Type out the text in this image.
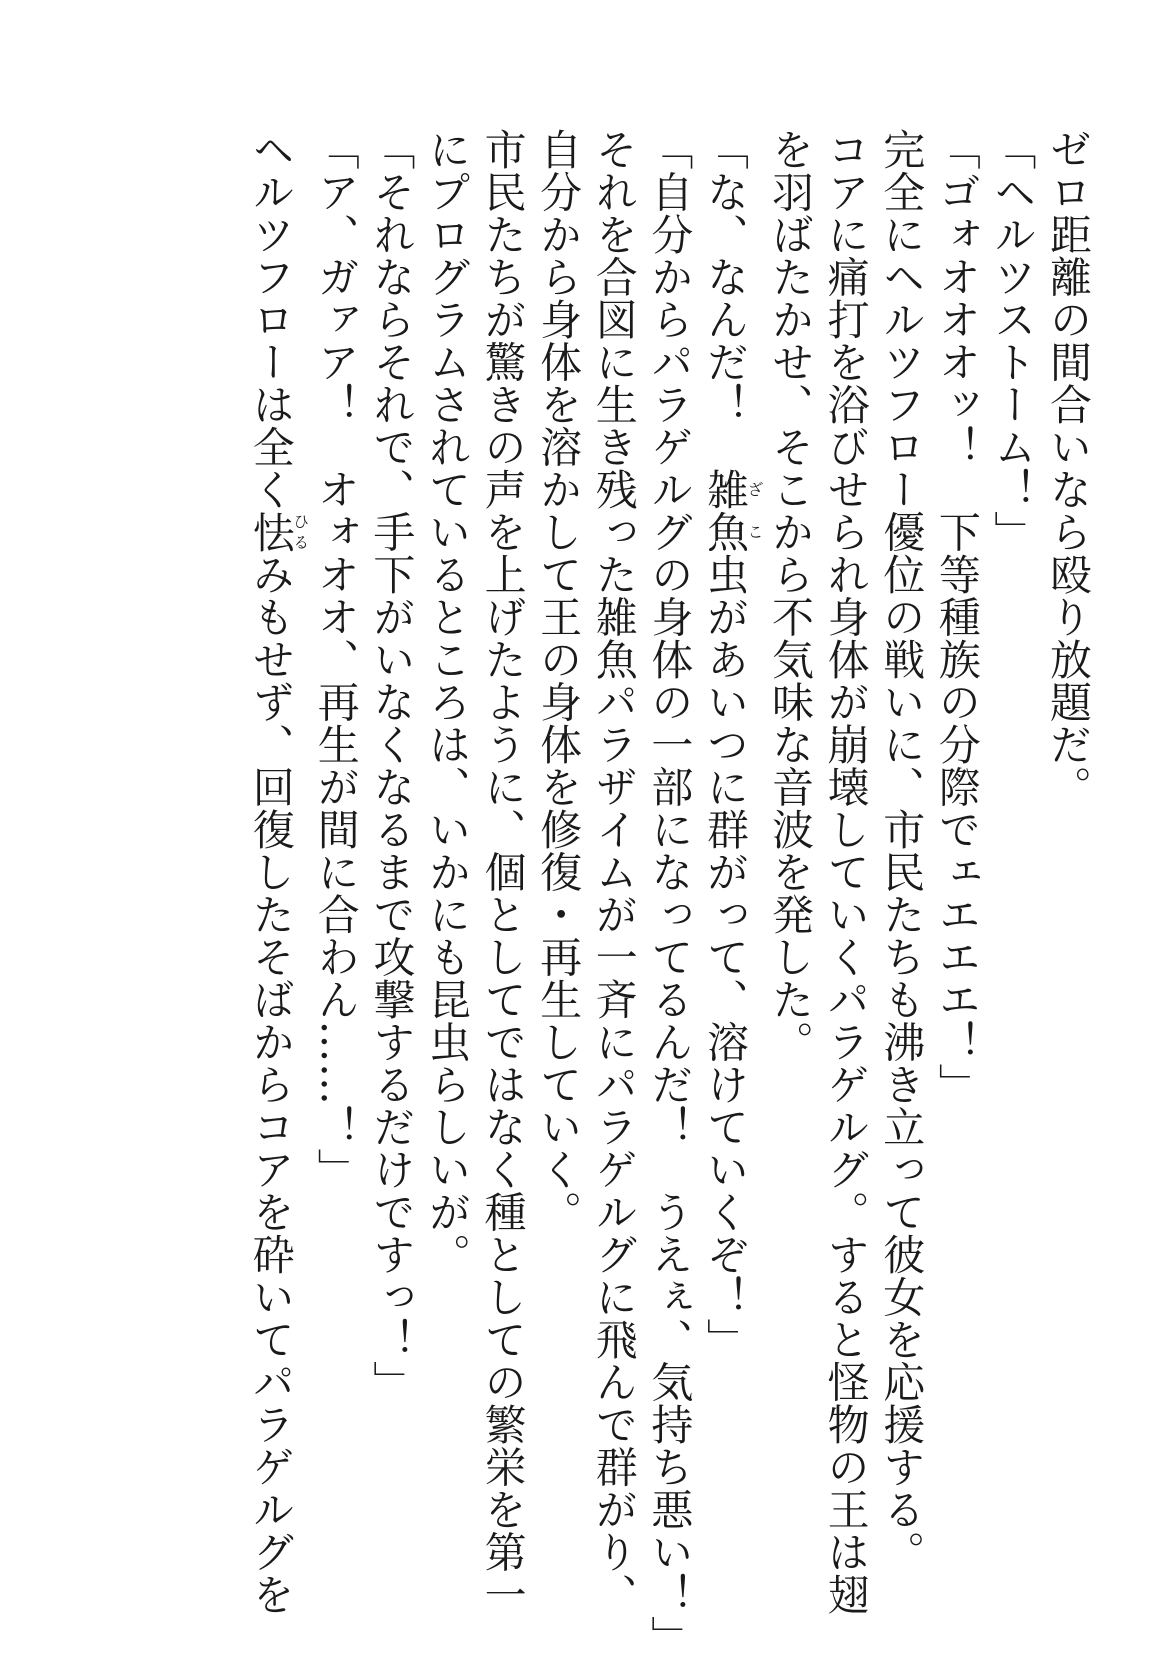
ゼロ距離の間合いなら殴り放題だ。
「ヘルツストーム！」
「ゴォオオオッ！　下等種族の分際でェエエエ！」
完全にヘルツフロー優位の戦いに、市民たちも沸き立って彼女を応援する。
コアに痛打を浴びせられ身体が崩壊していくパラゲルグ。すると怪物の王は翅
を羽ばたかせ、そこから不気味な音波を発した。
「な、なんだ！　雑魚ざこ虫があいつに群がって、溶けていくぞ！」
「自分からパラゲルグの身体の一部になってるんだ！　うえぇ、気持ち悪い！」
それを合図に生き残った雑魚パラザイムが一斉にパラゲルグに飛んで群がり、
自分から身体を溶かして王の身体を修復・再生していく。
市民たちが驚きの声を上げたように、個としてではなく種としての繁栄を第一
にプログラムされているところは、いかにも昆虫らしいが。
「それならそれで、手下がいなくなるまで攻撃するだけですっ！」
「ア、ガァア！　オォオオ、再生が間に合わん……！」
ヘルツフローは全く怯ひるみもせず、回復したそばからコアを砕いてパラゲルグを
